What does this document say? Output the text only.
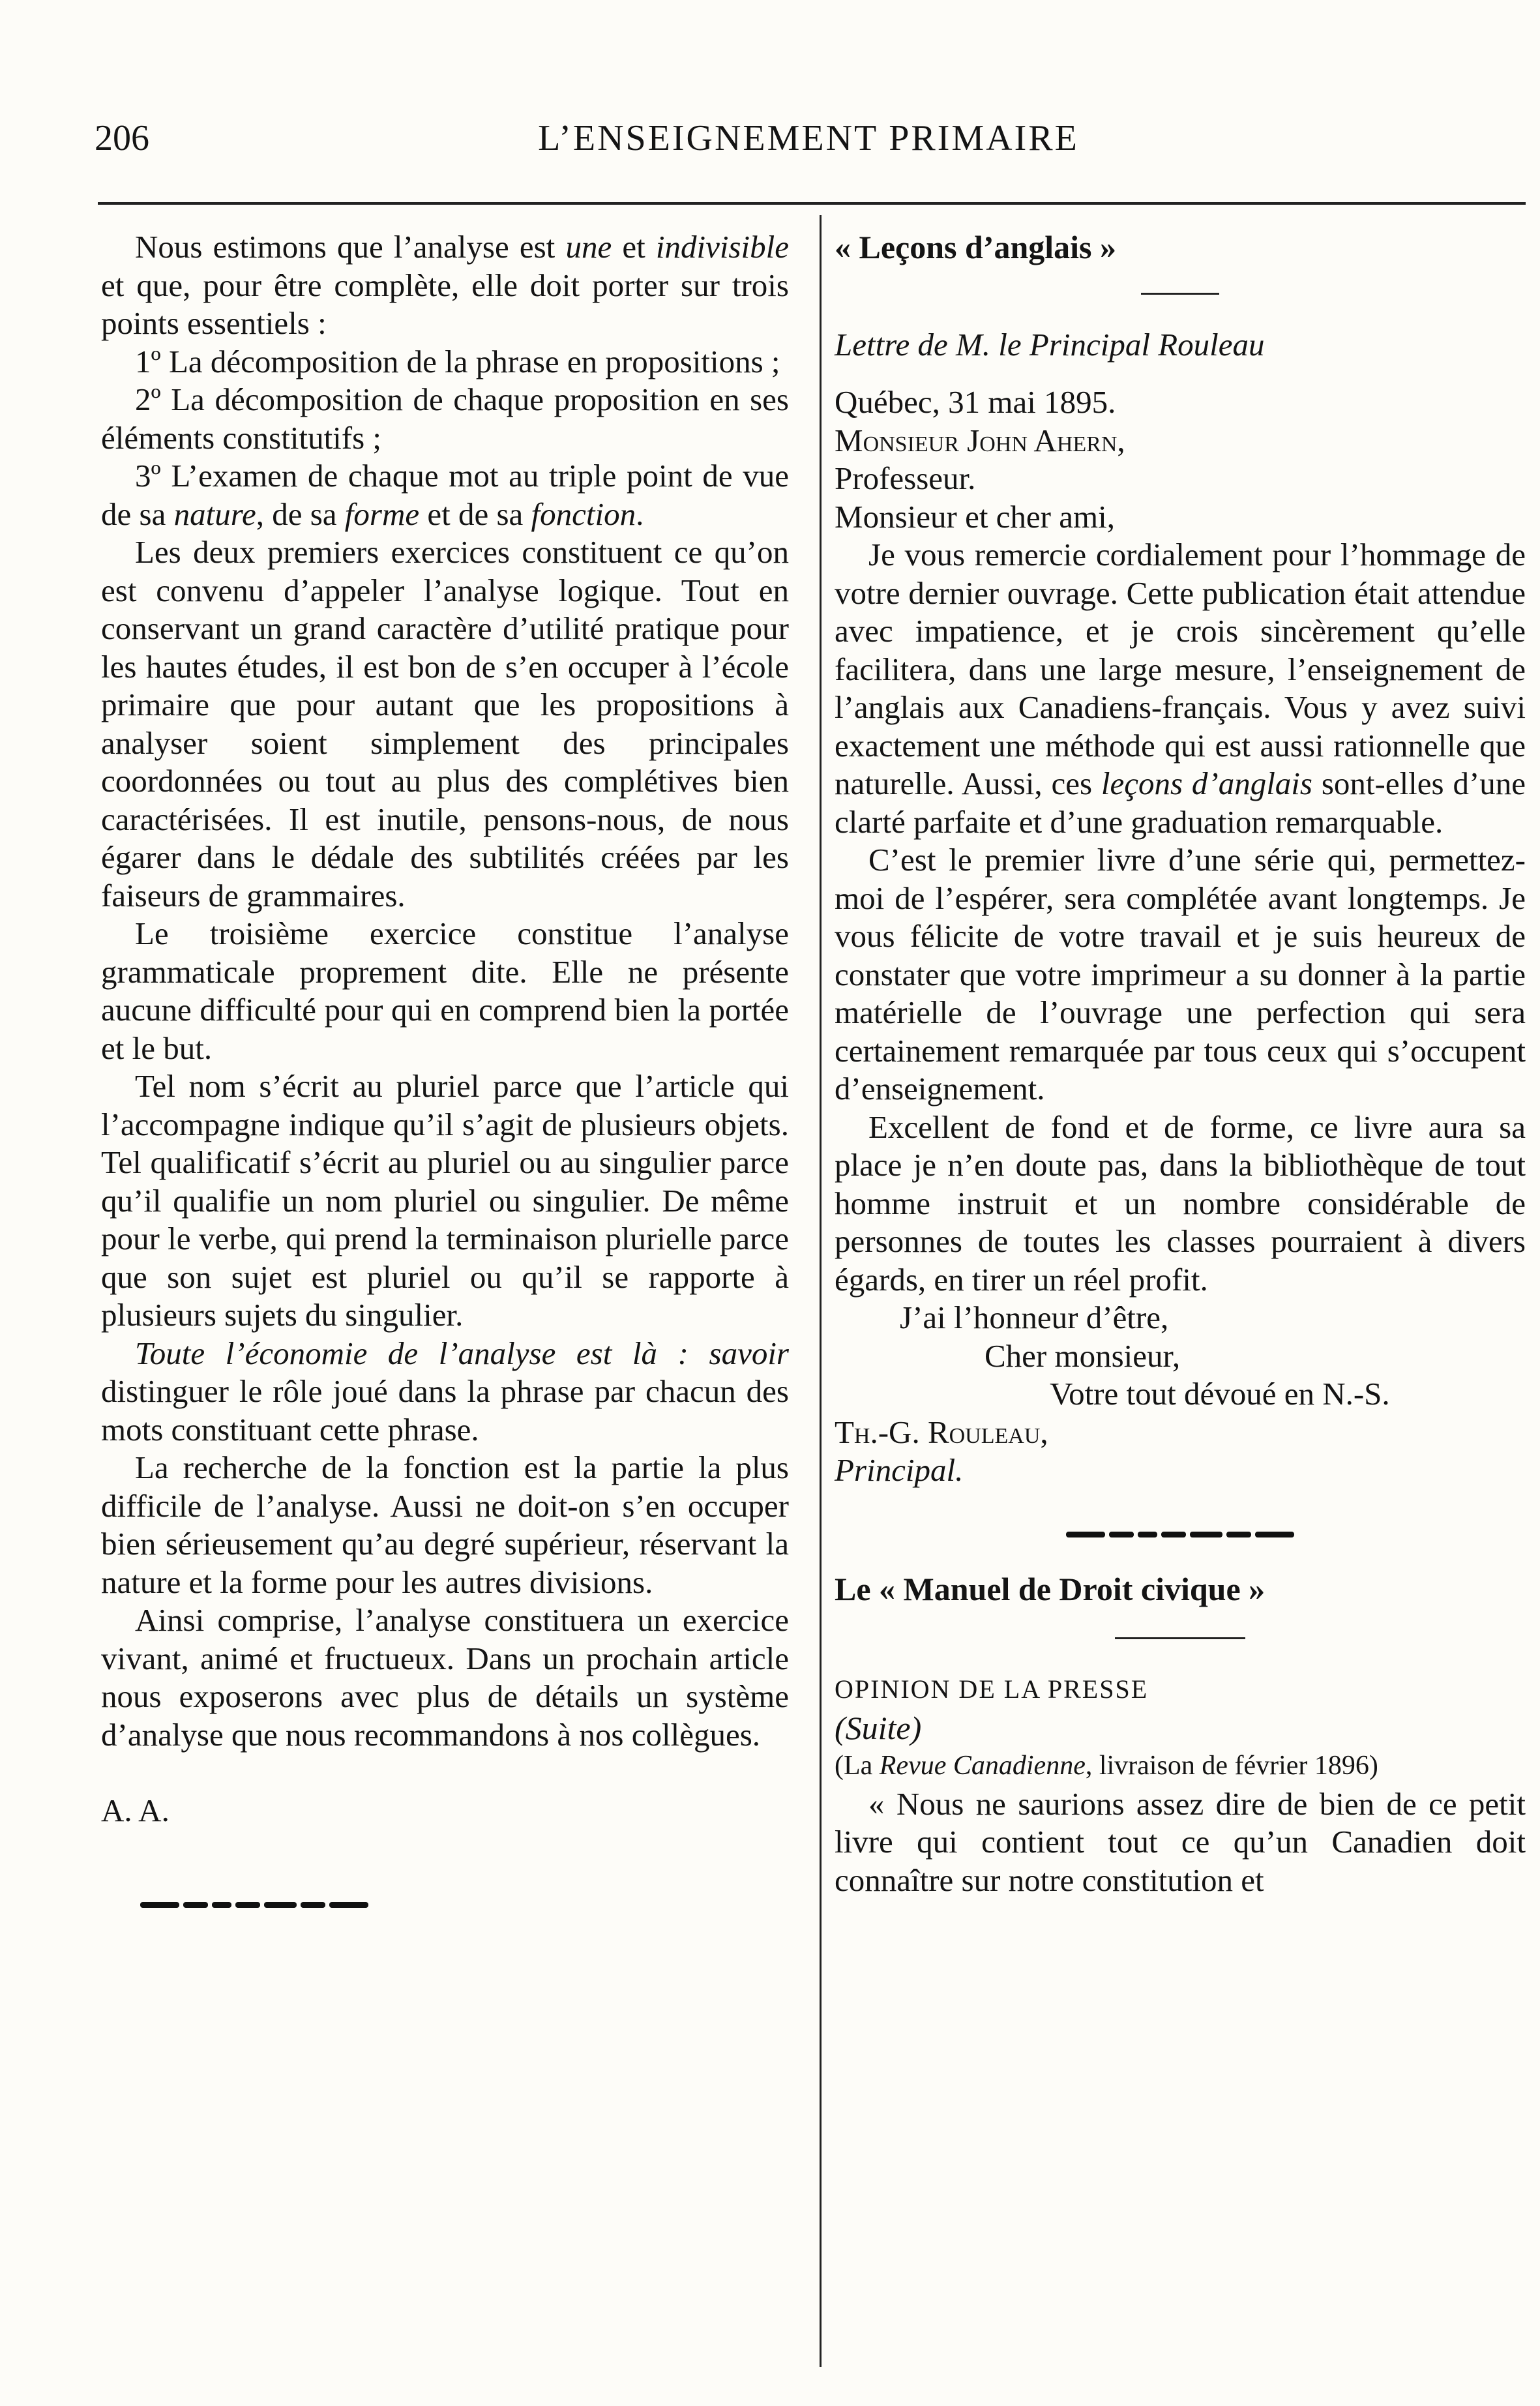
206	L’ENSEIGNEMENT PRIMAIRE

Nous estimons que l’analyse est une et indivisible et que, pour être complète, elle doit porter sur trois points essentiels :

1º La décomposition de la phrase en propositions ;

2º La décomposition de chaque proposition en ses éléments constitutifs ;

3º L’examen de chaque mot au triple point de vue de sa nature, de sa forme et de sa fonction.

Les deux premiers exercices constituent ce qu’on est convenu d’appeler l’analyse logique. Tout en conservant un grand caractère d’utilité pratique pour les hautes études, il est bon de s’en occuper à l’école primaire que pour autant que les propositions à analyser soient simplement des principales coordonnées ou tout au plus des complétives bien caractérisées. Il est inutile, pensons-nous, de nous égarer dans le dédale des subtilités créées par les faiseurs de grammaires.

Le troisième exercice constitue l’analyse grammaticale proprement dite. Elle ne présente aucune difficulté pour qui en comprend bien la portée et le but.

Tel nom s’écrit au pluriel parce que l’article qui l’accompagne indique qu’il s’agit de plusieurs objets. Tel qualificatif s’écrit au pluriel ou au singulier parce qu’il qualifie un nom pluriel ou singulier. De même pour le verbe, qui prend la terminaison plurielle parce que son sujet est pluriel ou qu’il se rapporte à plusieurs sujets du singulier.

Toute l’économie de l’analyse est là : savoir distinguer le rôle joué dans la phrase par chacun des mots constituant cette phrase.

La recherche de la fonction est la partie la plus difficile de l’analyse. Aussi ne doit-on s’en occuper bien sérieusement qu’au degré supérieur, réservant la nature et la forme pour les autres divisions.

Ainsi comprise, l’analyse constituera un exercice vivant, animé et fructueux. Dans un prochain article nous exposerons avec plus de détails un système d’analyse que nous recommandons à nos collègues.

A. A.

« Leçons d’anglais »

Lettre de M. le Principal Rouleau

Québec, 31 mai 1895.

Monsieur John Ahern,

Professeur.

Monsieur et cher ami,

Je vous remercie cordialement pour l’hommage de votre dernier ouvrage. Cette publication était attendue avec impatience, et je crois sincèrement qu’elle facilitera, dans une large mesure, l’enseignement de l’anglais aux Canadiens-français. Vous y avez suivi exactement une méthode qui est aussi rationnelle que naturelle. Aussi, ces leçons d’anglais sont-elles d’une clarté parfaite et d’une graduation remarquable.

C’est le premier livre d’une série qui, permettez-moi de l’espérer, sera complétée avant longtemps. Je vous félicite de votre travail et je suis heureux de constater que votre imprimeur a su donner à la partie matérielle de l’ouvrage une perfection qui sera certainement remarquée par tous ceux qui s’occupent d’enseignement.

Excellent de fond et de forme, ce livre aura sa place je n’en doute pas, dans la bibliothèque de tout homme instruit et un nombre considérable de personnes de toutes les classes pourraient à divers égards, en tirer un réel profit.

J’ai l’honneur d’être,

Cher monsieur,

Votre tout dévoué en N.-S.

Th.-G. Rouleau,

Principal.

Le « Manuel de Droit civique »

OPINION DE LA PRESSE

(Suite)

(La Revue Canadienne, livraison de février 1896)

« Nous ne saurions assez dire de bien de ce petit livre qui contient tout ce qu’un Canadien doit connaître sur notre constitution et
